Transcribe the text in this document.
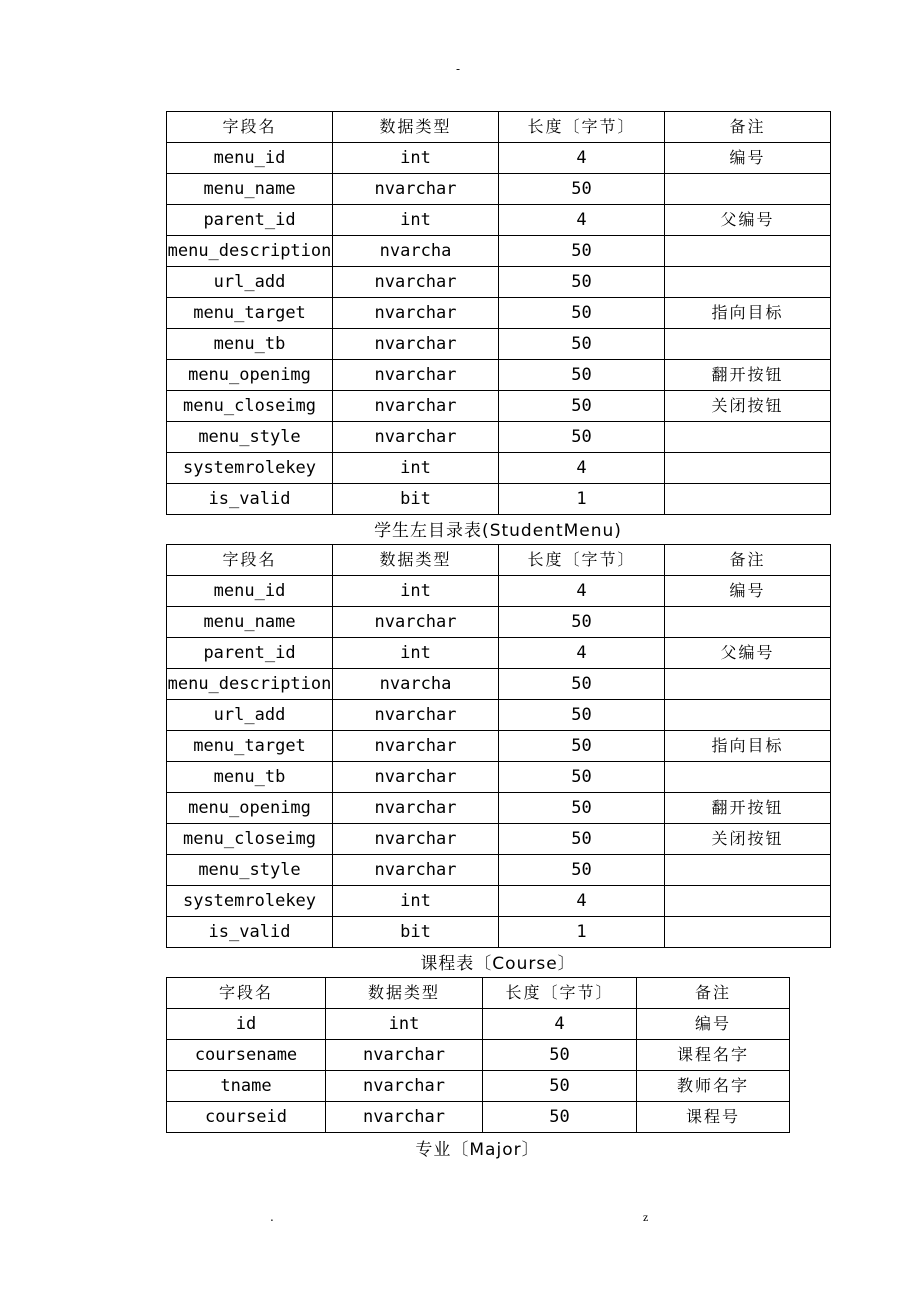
-
字段名	数据类型	长度〔字节〕	备注
menu_id	int	4	编号
menu_name	nvarchar	50	
parent_id	int	4	父编号
menu_description	nvarcha	50	
url_add	nvarchar	50	
menu_target	nvarchar	50	指向目标
menu_tb	nvarchar	50	
menu_openimg	nvarchar	50	翻开按钮
menu_closeimg	nvarchar	50	关闭按钮
menu_style	nvarchar	50	
systemrolekey	int	4	
is_valid	bit	1	
学生左目录表(StudentMenu)
字段名	数据类型	长度〔字节〕	备注
menu_id	int	4	编号
menu_name	nvarchar	50	
parent_id	int	4	父编号
menu_description	nvarcha	50	
url_add	nvarchar	50	
menu_target	nvarchar	50	指向目标
menu_tb	nvarchar	50	
menu_openimg	nvarchar	50	翻开按钮
menu_closeimg	nvarchar	50	关闭按钮
menu_style	nvarchar	50	
systemrolekey	int	4	
is_valid	bit	1	
课程表〔Course〕
字段名	数据类型	长度〔字节〕	备注
id	int	4	编号
coursename	nvarchar	50	课程名字
tname	nvarchar	50	教师名字
courseid	nvarchar	50	课程号
专业〔Major〕
.	z
